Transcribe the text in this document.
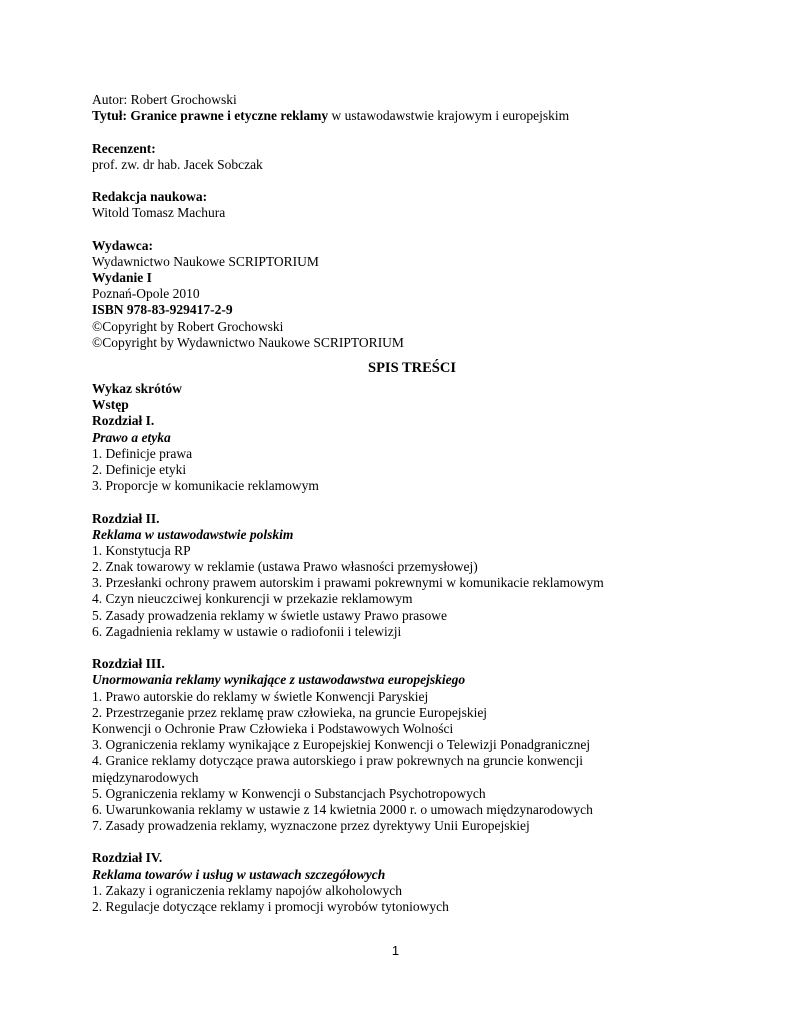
Autor: Robert Grochowski
Tytuł: Granice prawne i etyczne reklamy w ustawodawstwie krajowym i europejskim
Recenzent:
prof. zw. dr hab. Jacek Sobczak
Redakcja naukowa:
Witold Tomasz Machura
Wydawca:
Wydawnictwo Naukowe SCRIPTORIUM
Wydanie I
Poznań-Opole 2010
ISBN 978-83-929417-2-9
©Copyright by Robert Grochowski
©Copyright by Wydawnictwo Naukowe SCRIPTORIUM
SPIS TREŚCI
Wykaz skrótów
Wstęp
Rozdział I.
Prawo a etyka
1. Definicje prawa
2. Definicje etyki
3. Proporcje w komunikacie reklamowym
Rozdział II.
Reklama w ustawodawstwie polskim
1. Konstytucja RP
2. Znak towarowy w reklamie (ustawa Prawo własności przemysłowej)
3. Przesłanki ochrony prawem autorskim i prawami pokrewnymi w komunikacie reklamowym
4. Czyn nieuczciwej konkurencji w przekazie reklamowym
5. Zasady prowadzenia reklamy w świetle ustawy Prawo prasowe
6. Zagadnienia reklamy w ustawie o radiofonii i telewizji
Rozdział III.
Unormowania reklamy wynikające z ustawodawstwa europejskiego
1. Prawo autorskie do reklamy w świetle Konwencji Paryskiej
2. Przestrzeganie przez reklamę praw człowieka, na gruncie Europejskiej
Konwencji o Ochronie Praw Człowieka i Podstawowych Wolności
3. Ograniczenia reklamy wynikające z Europejskiej Konwencji o Telewizji Ponadgranicznej
4. Granice reklamy dotyczące prawa autorskiego i praw pokrewnych na gruncie konwencji
międzynarodowych
5. Ograniczenia reklamy w Konwencji o Substancjach Psychotropowych
6. Uwarunkowania reklamy w ustawie z 14 kwietnia 2000 r. o umowach międzynarodowych
7. Zasady prowadzenia reklamy, wyznaczone przez dyrektywy Unii Europejskiej
Rozdział IV.
Reklama towarów i usług w ustawach szczegółowych
1. Zakazy i ograniczenia reklamy napojów alkoholowych
2. Regulacje dotyczące reklamy i promocji wyrobów tytoniowych
1
